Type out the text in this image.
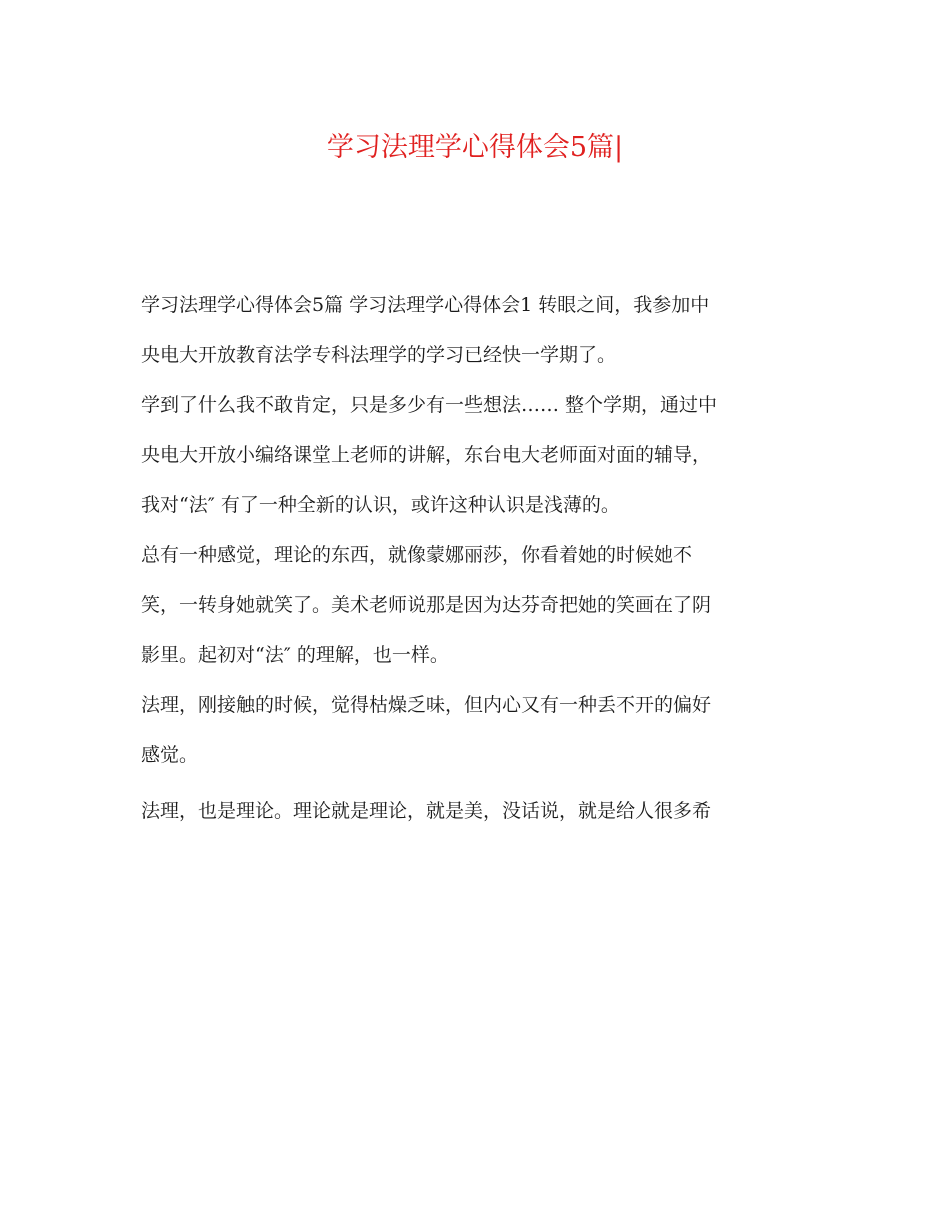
学习法理学心得体会5篇|
学习法理学心得体会5篇 学习法理学心得体会1 转眼之间，我参加中
央电大开放教育法学专科法理学的学习已经快一学期了。
学到了什么我不敢肯定，只是多少有一些想法…… 整个学期，通过中
央电大开放小编络课堂上老师的讲解，东台电大老师面对面的辅导，
我对“法″ 有了一种全新的认识，或许这种认识是浅薄的。
总有一种感觉，理论的东西，就像蒙娜丽莎，你看着她的时候她不
笑，一转身她就笑了。美术老师说那是因为达芬奇把她的笑画在了阴
影里。起初对“法″ 的理解，也一样。
法理，刚接触的时候，觉得枯燥乏味，但内心又有一种丢不开的偏好
感觉。
法理，也是理论。理论就是理论，就是美，没话说，就是给人很多希
